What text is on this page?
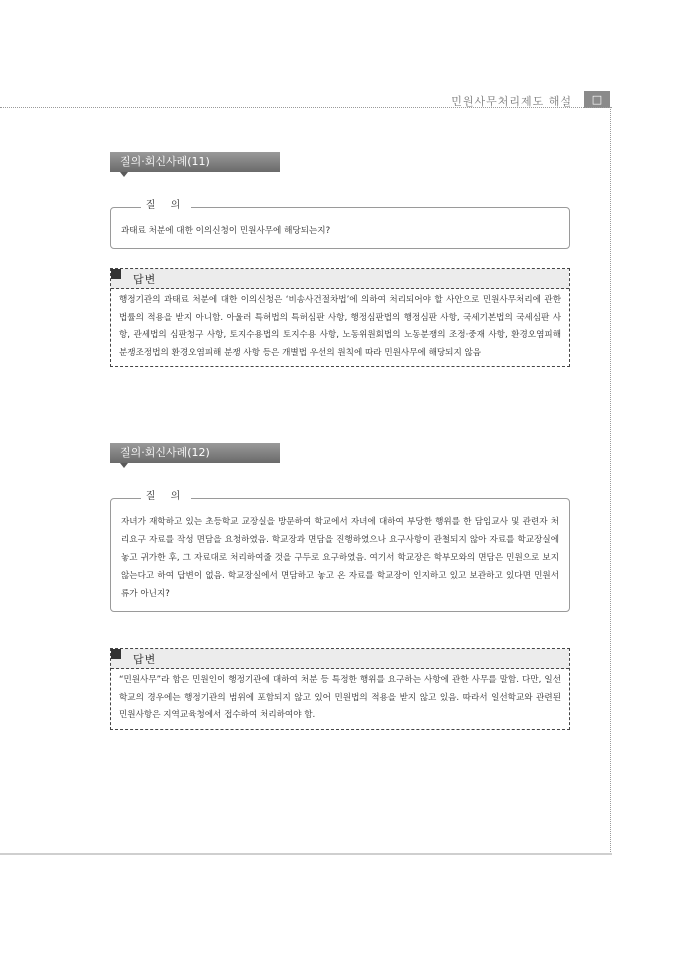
민원사무처리제도 해설	□
질의·회신사례(11)
질 의
과태료 처분에 대한 이의신청이 민원사무에 해당되는지?
답변
행정기관의 과태료 처분에 대한 이의신청은 ‘비송사건절차법’에 의하여 처리되어야 할 사안으로 민원사무처리에 관한 법률의 적용을 받지 아니함. 아울러 특허법의 특허심판 사항, 행정심판법의 행정심판 사항, 국세기본법의 국세심판 사항, 관세법의 심판청구 사항, 토지수용법의 토지수용 사항, 노동위원회법의 노동분쟁의 조정·중재 사항, 환경오염피해분쟁조정법의 환경오염피해 분쟁 사항 등은 개별법 우선의 원칙에 따라 민원사무에 해당되지 않음
질의·회신사례(12)
질 의
자녀가 재학하고 있는 초등학교 교장실을 방문하여 학교에서 자녀에 대하여 부당한 행위를 한 담임교사 및 관련자 처리요구 자료를 작성 면담을 요청하였음. 학교장과 면담을 진행하였으나 요구사항이 관철되지 않아 자료를 학교장실에 놓고 귀가한 후, 그 자료대로 처리하여줄 것을 구두로 요구하였음. 여기서 학교장은 학부모와의 면담은 민원으로 보지 않는다고 하여 답변이 없음. 학교장실에서 면담하고 놓고 온 자료를 학교장이 인지하고 있고 보관하고 있다면 민원서류가 아닌지?
답변
“민원사무”라 함은 민원인이 행정기관에 대하여 처분 등 특정한 행위를 요구하는 사항에 관한 사무를 말함. 다만, 일선학교의 경우에는 행정기관의 범위에 포함되지 않고 있어 민원법의 적용을 받지 않고 있음. 따라서 일선학교와 관련된 민원사항은 지역교육청에서 접수하여 처리하여야 함.
